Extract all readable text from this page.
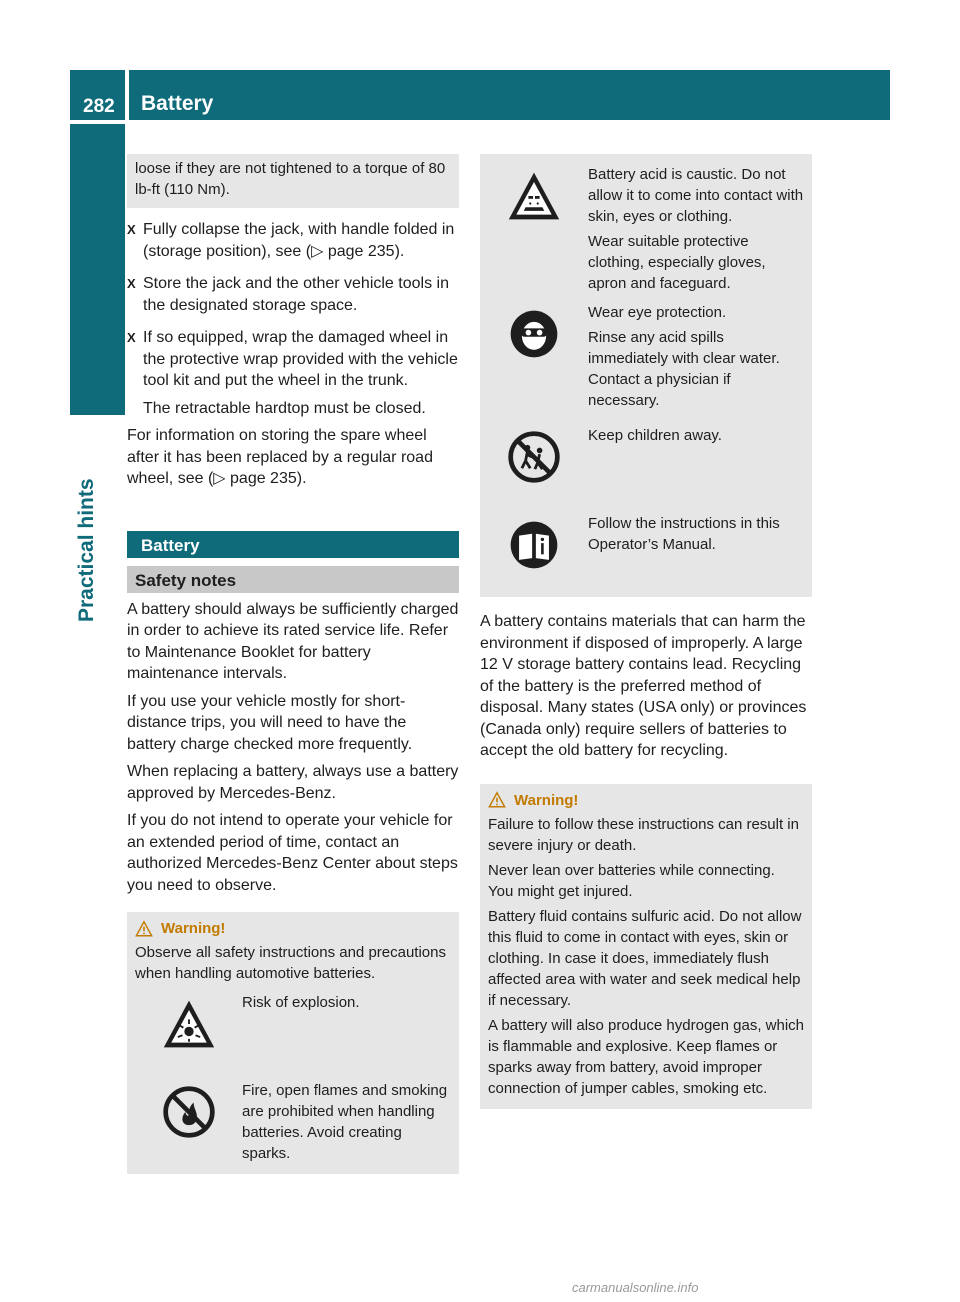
282	Battery
Practical hints
loose if they are not tightened to a torque of 80 lb-ft (110 Nm).
X Fully collapse the jack, with handle folded in (storage position), see (▷ page 235).
X Store the jack and the other vehicle tools in the designated storage space.
X If so equipped, wrap the damaged wheel in the protective wrap provided with the vehicle tool kit and put the wheel in the trunk.
The retractable hardtop must be closed.
For information on storing the spare wheel after it has been replaced by a regular road wheel, see (▷ page 235).
Battery
Safety notes
A battery should always be sufficiently charged in order to achieve its rated service life. Refer to Maintenance Booklet for battery maintenance intervals.
If you use your vehicle mostly for short-distance trips, you will need to have the battery charge checked more frequently.
When replacing a battery, always use a battery approved by Mercedes-Benz.
If you do not intend to operate your vehicle for an extended period of time, contact an authorized Mercedes-Benz Center about steps you need to observe.
Warning!
Observe all safety instructions and precautions when handling automotive batteries.
Risk of explosion.
Fire, open flames and smoking are prohibited when handling batteries. Avoid creating sparks.
Battery acid is caustic. Do not allow it to come into contact with skin, eyes or clothing.
Wear suitable protective clothing, especially gloves, apron and faceguard.
Wear eye protection.
Rinse any acid spills immediately with clear water. Contact a physician if necessary.
Keep children away.
Follow the instructions in this Operator’s Manual.
A battery contains materials that can harm the environment if disposed of improperly. A large 12 V storage battery contains lead. Recycling of the battery is the preferred method of disposal. Many states (USA only) or provinces (Canada only) require sellers of batteries to accept the old battery for recycling.
Warning!
Failure to follow these instructions can result in severe injury or death.
Never lean over batteries while connecting. You might get injured.
Battery fluid contains sulfuric acid. Do not allow this fluid to come in contact with eyes, skin or clothing. In case it does, immediately flush affected area with water and seek medical help if necessary.
A battery will also produce hydrogen gas, which is flammable and explosive. Keep flames or sparks away from battery, avoid improper connection of jumper cables, smoking etc.
carmanualsonline.info
